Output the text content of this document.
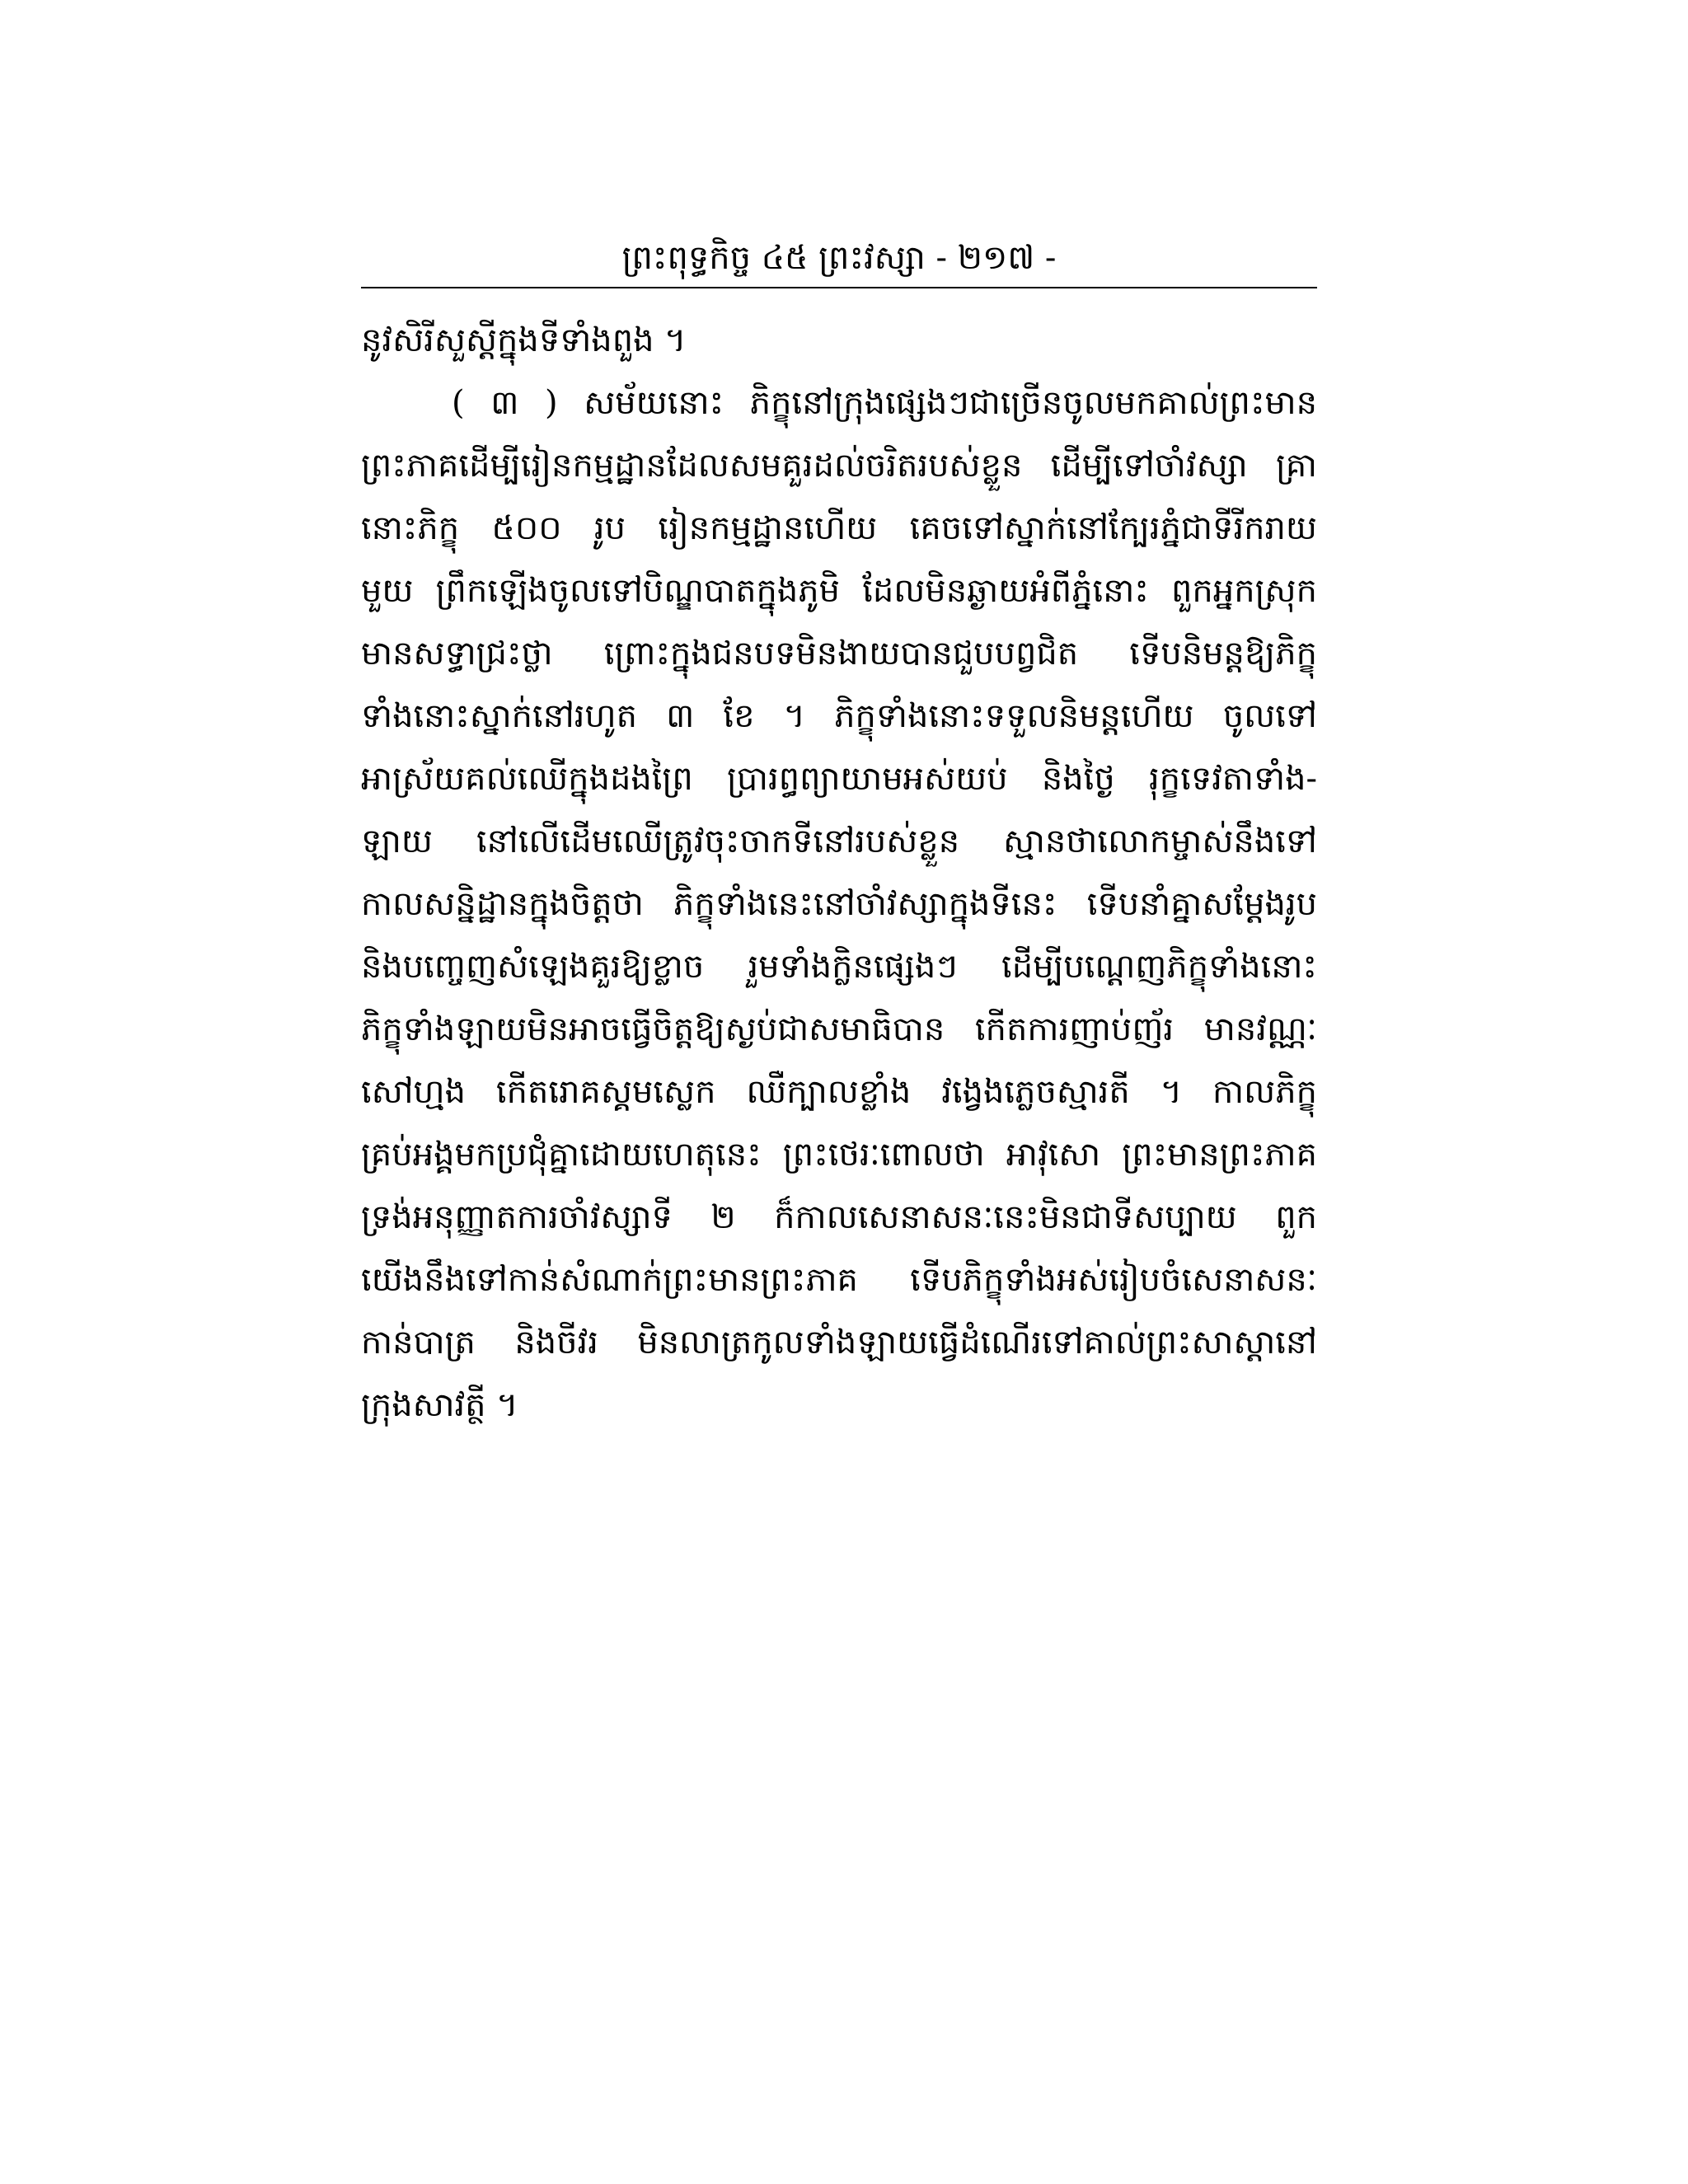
ព្រះពុទ្ធកិច្ច ៤៥ ព្រះវស្សា - ២១៧ -
នូវសិរីសួស្តីក្នុងទីទាំងពួង ។
( ៣ ) សម័យនោះ ភិក្ខុនៅក្រុងផ្សេងៗជាច្រើនចូលមកគាល់ព្រះមាន
ព្រះភាគដើម្បីរៀនកម្មដ្ឋានដែលសមគួរដល់ចរិតរបស់ខ្លួន ដើម្បីទៅចាំវស្សា គ្រា
នោះភិក្ខុ ៥០០ រូប រៀនកម្មដ្ឋានហើយ គេចទៅស្នាក់នៅក្បែរភ្នំជាទីរីករាយ
មួយ ព្រឹកឡើងចូលទៅបិណ្ឌបាតក្នុងភូមិ ដែលមិនឆ្ងាយអំពីភ្នំនោះ ពួកអ្នកស្រុក
មានសទ្ធាជ្រះថ្លា ព្រោះក្នុងជនបទមិនងាយបានជួបបព្វជិត ទើបនិមន្តឱ្យភិក្ខុ
ទាំងនោះស្នាក់នៅរហូត ៣ ខែ ។ ភិក្ខុទាំងនោះទទួលនិមន្តហើយ ចូលទៅ
អាស្រ័យគល់ឈើក្នុងដងព្រៃ ប្រារព្ធព្យាយាមអស់យប់ និងថ្ងៃ រុក្ខទេវតាទាំង-
ឡាយ នៅលើដើមឈើត្រូវចុះចាកទីនៅរបស់ខ្លួន ស្មានថាលោកម្ចាស់នឹងទៅ
កាលសន្និដ្ឋានក្នុងចិត្តថា ភិក្ខុទាំងនេះនៅចាំវស្សាក្នុងទីនេះ ទើបនាំគ្នាសម្តែងរូប
និងបញ្ចេញសំឡេងគួរឱ្យខ្លាច រួមទាំងក្លិនផ្សេងៗ ដើម្បីបណ្តេញភិក្ខុទាំងនោះ
ភិក្ខុទាំងឡាយមិនអាចធ្វើចិត្តឱ្យស្ងប់ជាសមាធិបាន កើតការញាប់ញ័រ មានវណ្ណៈ
សៅហ្មង កើតរោគស្គមស្លេក ឈឺក្បាលខ្លាំង វង្វេងភ្លេចស្មារតី ។ កាលភិក្ខុ
គ្រប់អង្គមកប្រជុំគ្នាដោយហេតុនេះ ព្រះថេរៈពោលថា អាវុសោ ព្រះមានព្រះភាគ
ទ្រង់អនុញ្ញាតការចាំវស្សាទី ២ ក៏កាលសេនាសនៈនេះមិនជាទីសប្បាយ ពួក
យើងនឹងទៅកាន់សំណាក់ព្រះមានព្រះភាគ ទើបភិក្ខុទាំងអស់រៀបចំសេនាសនៈ
កាន់បាត្រ និងចីវរ មិនលាត្រកូលទាំងឡាយធ្វើដំណើរទៅគាល់ព្រះសាស្តានៅ
ក្រុងសាវត្ថី ។
